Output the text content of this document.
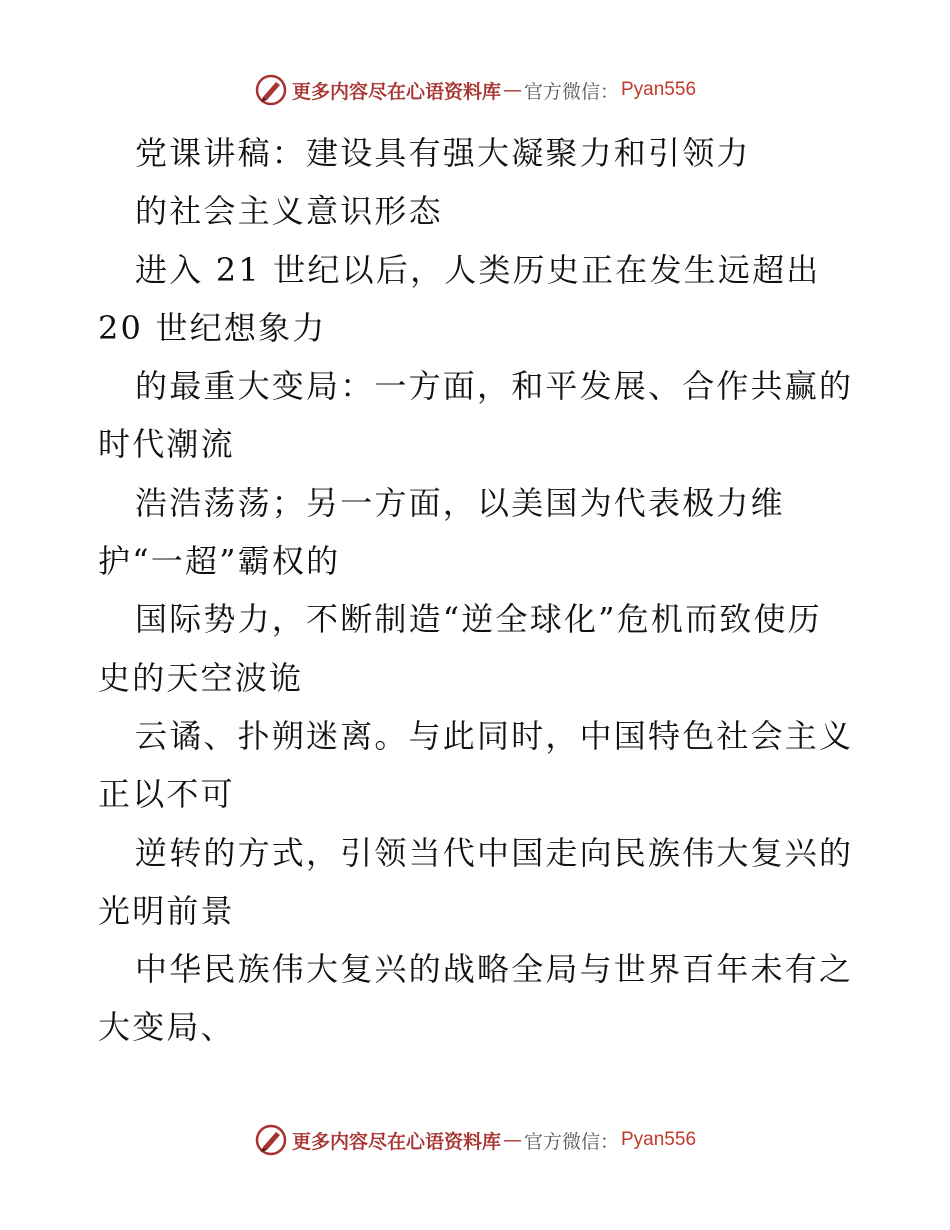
更多内容尽在心语资料库 — 官方微信： Pyan556
党课讲稿：建设具有强大凝聚力和引领力
的社会主义意识形态
进入 21 世纪以后，人类历史正在发生远超出
20 世纪想象力
的最重大变局：一方面，和平发展、合作共赢的
时代潮流
浩浩荡荡；另一方面，以美国为代表极力维
护“一超”霸权的
国际势力，不断制造“逆全球化”危机而致使历
史的天空波诡
云谲、扑朔迷离。与此同时，中国特色社会主义
正以不可
逆转的方式，引领当代中国走向民族伟大复兴的
光明前景
中华民族伟大复兴的战略全局与世界百年未有之
大变局、
更多内容尽在心语资料库 — 官方微信： Pyan556
